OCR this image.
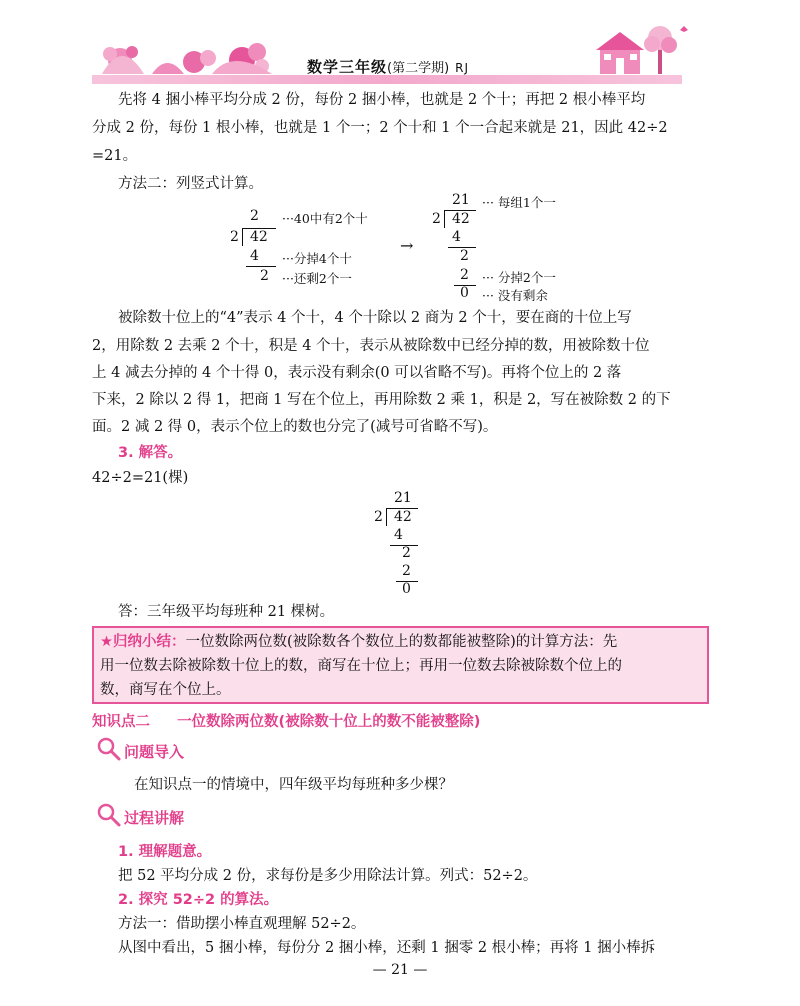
数学三年级(第二学期) RJ
先将 4 捆小棒平均分成 2 份，每份 2 捆小棒，也就是 2 个十；再把 2 根小棒平均
分成 2 份，每份 1 根小棒，也就是 1 个一；2 个十和 1 个一合起来就是 21，因此 42÷2
=21。
方法二：列竖式计算。
2 ···40中有2个十
2 42
4 ···分掉4个十
2 ···还剩2个一
→
21 ··· 每组1个一
2 42
4
2
2 ··· 分掉2个一
0 ··· 没有剩余
被除数十位上的“4”表示 4 个十，4 个十除以 2 商为 2 个十，要在商的十位上写
2，用除数 2 去乘 2 个十，积是 4 个十，表示从被除数中已经分掉的数，用被除数十位
上 4 减去分掉的 4 个十得 0，表示没有剩余(0 可以省略不写)。再将个位上的 2 落
下来，2 除以 2 得 1，把商 1 写在个位上，再用除数 2 乘 1，积是 2，写在被除数 2 的下
面。2 减 2 得 0，表示个位上的数也分完了(减号可省略不写)。
3. 解答。
42÷2=21(棵)
21
2 42
4
2
2
0
答：三年级平均每班种 21 棵树。
★归纳小结：一位数除两位数(被除数各个数位上的数都能被整除)的计算方法：先
用一位数去除被除数十位上的数，商写在十位上；再用一位数去除被除数个位上的
数，商写在个位上。
知识点二 一位数除两位数(被除数十位上的数不能被整除)
问题导入
在知识点一的情境中，四年级平均每班种多少棵？
过程讲解
1. 理解题意。
把 52 平均分成 2 份，求每份是多少用除法计算。列式：52÷2。
2. 探究 52÷2 的算法。
方法一：借助摆小棒直观理解 52÷2。
从图中看出，5 捆小棒，每份分 2 捆小棒，还剩 1 捆零 2 根小棒；再将 1 捆小棒拆
— 21 —
